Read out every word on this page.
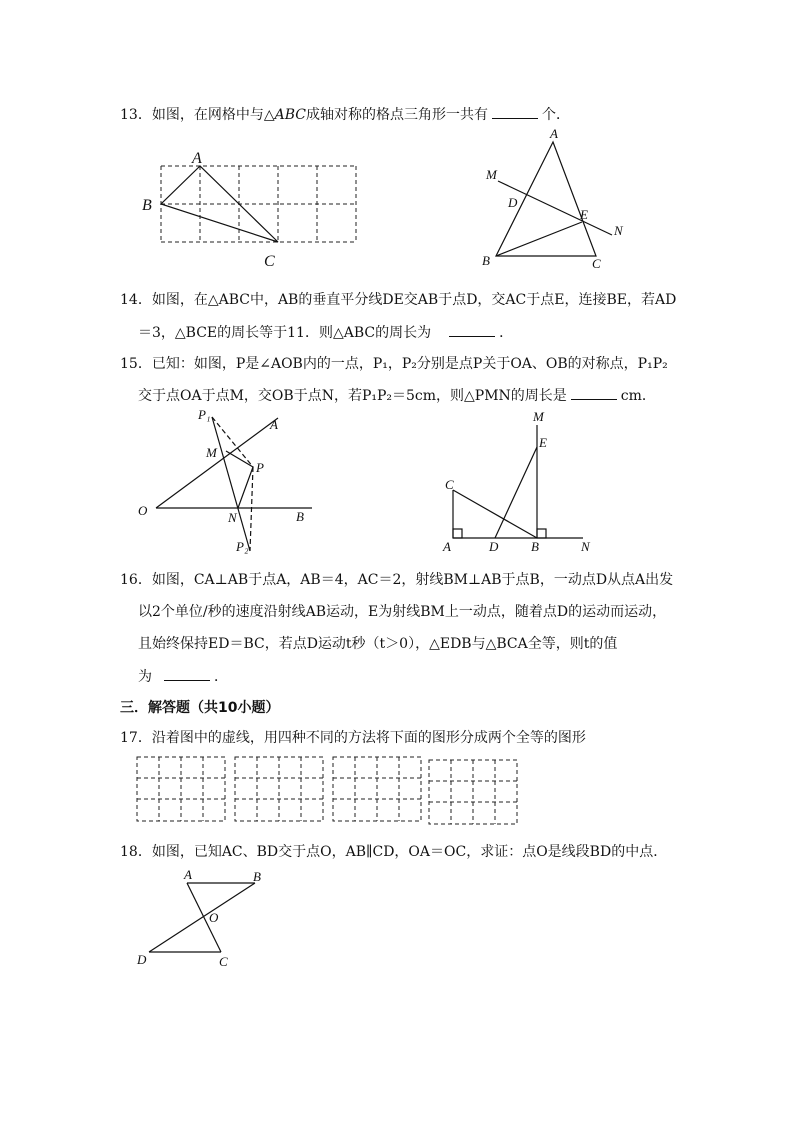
13．如图，在网格中与△ABC成轴对称的格点三角形一共有	个．
A
B
C
A
M
D
E
N
B	C
14．如图，在△ABC中，AB的垂直平分线DE交AB于点D，交AC于点E，连接BE，若AD
＝3，△BCE的周长等于11．则△ABC的周长为	．
15．已知：如图，P是∠AOB内的一点，P₁，P₂分别是点P关于OA、OB的对称点，P₁P₂
交于点OA于点M，交OB于点N，若P₁P₂＝5cm，则△PMN的周长是	cm．
P₁
A
M
P
O	N	B
P₂
M
E
C
A	D	B	N
16．如图，CA⊥AB于点A，AB＝4，AC＝2，射线BM⊥AB于点B，一动点D从点A出发
以2个单位/秒的速度沿射线AB运动，E为射线BM上一动点，随着点D的运动而运动，
且始终保持ED＝BC，若点D运动t秒（t＞0），△EDB与△BCA全等，则t的值
为	．
三．解答题（共10小题）
17．沿着图中的虚线，用四种不同的方法将下面的图形分成两个全等的图形
18．如图，已知AC、BD交于点O，AB∥CD，OA＝OC，求证：点O是线段BD的中点．
A	B
O
D	C
